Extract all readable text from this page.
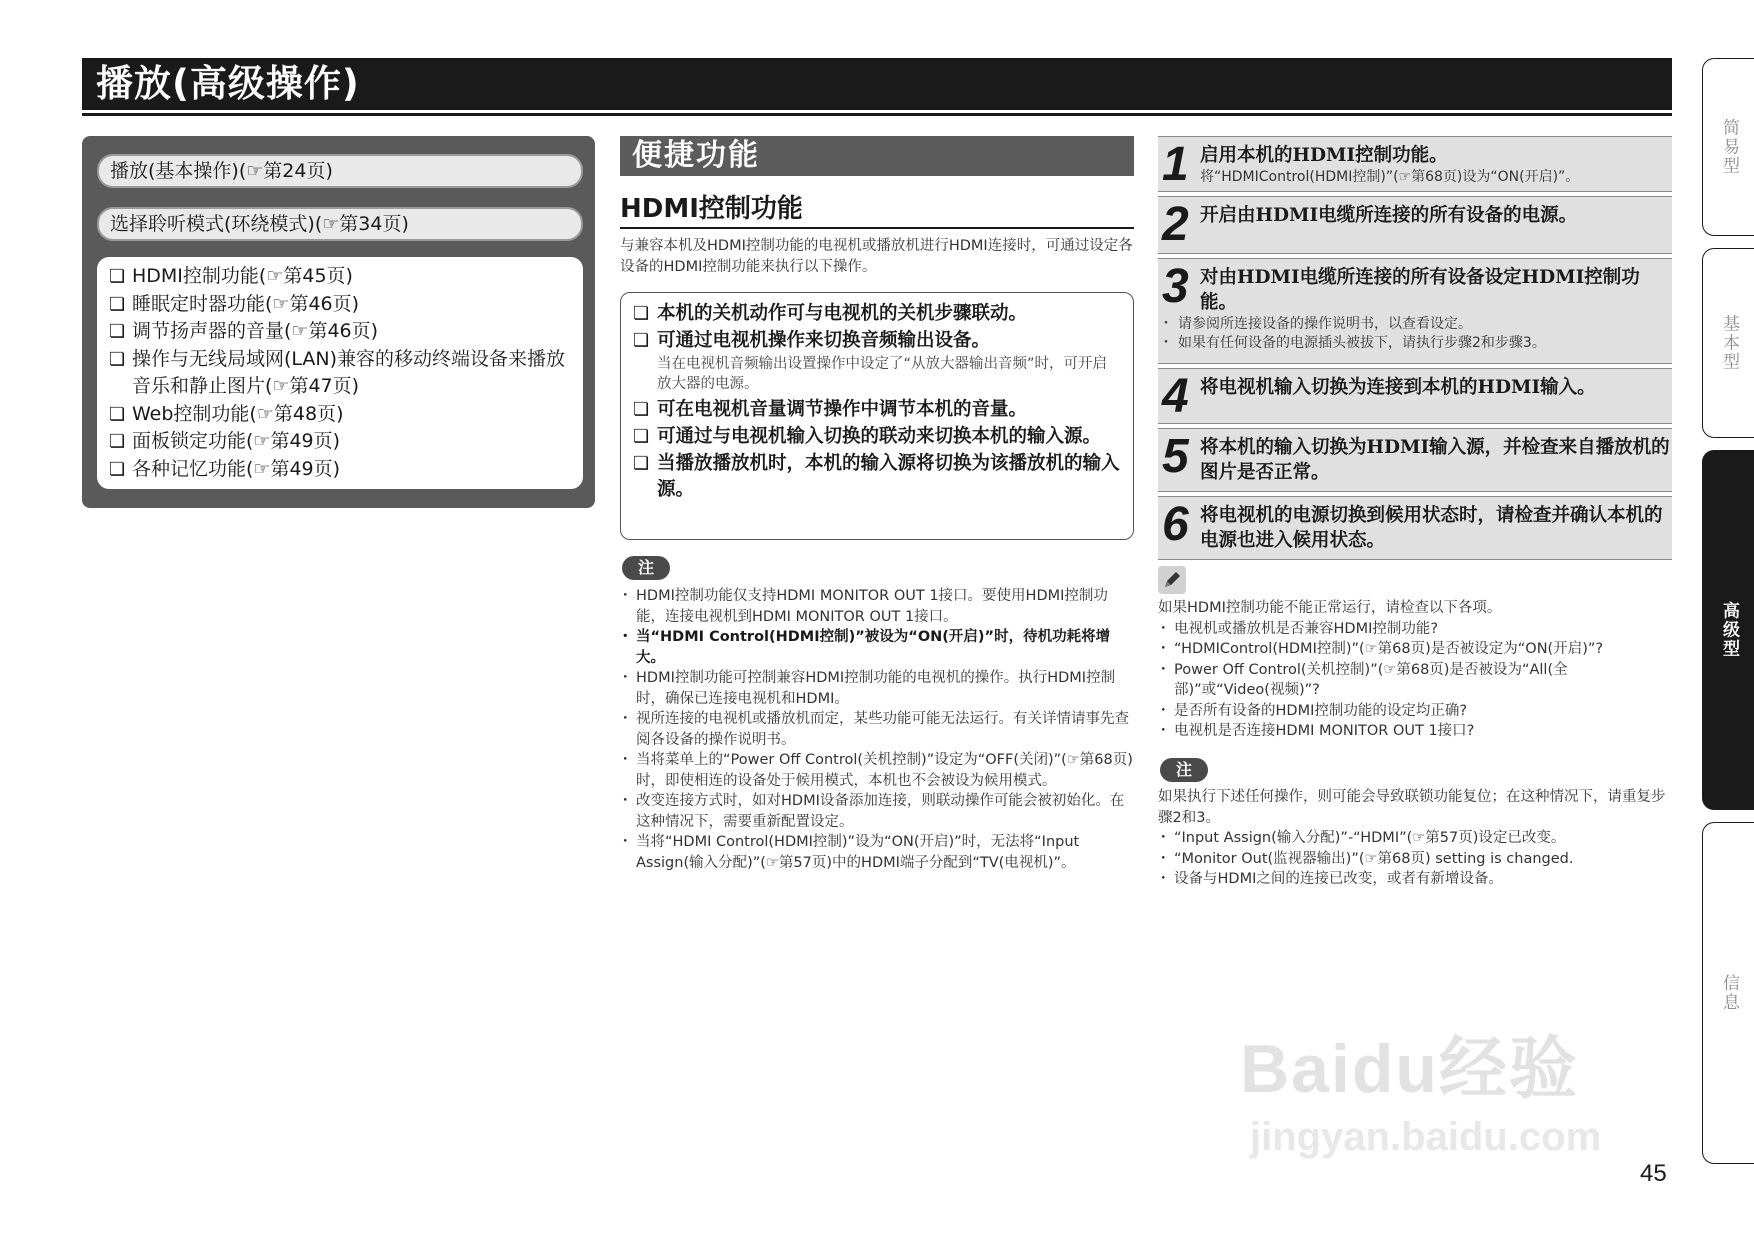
播放(高级操作)
简易型
基本型
高级型
信息
播放(基本操作)(☞第24页)
选择聆听模式(环绕模式)(☞第34页)
❏ HDMI控制功能(☞第45页)
❏ 睡眠定时器功能(☞第46页)
❏ 调节扬声器的音量(☞第46页)
❏ 操作与无线局域网(LAN)兼容的移动终端设备来播放音乐和静止图片(☞第47页)
❏ Web控制功能(☞第48页)
❏ 面板锁定功能(☞第49页)
❏ 各种记忆功能(☞第49页)
便捷功能
HDMI控制功能
与兼容本机及HDMI控制功能的电视机或播放机进行HDMI连接时，可通过设定各设备的HDMI控制功能来执行以下操作。
❏ 本机的关机动作可与电视机的关机步骤联动。
❏ 可通过电视机操作来切换音频输出设备。
当在电视机音频输出设置操作中设定了“从放大器输出音频”时，可开启放大器的电源。
❏ 可在电视机音量调节操作中调节本机的音量。
❏ 可通过与电视机输入切换的联动来切换本机的输入源。
❏ 当播放播放机时，本机的输入源将切换为该播放机的输入源。
注
・ HDMI控制功能仅支持HDMI MONITOR OUT 1接口。要使用HDMI控制功能，连接电视机到HDMI MONITOR OUT 1接口。
・ 当“HDMI Control(HDMI控制)”被设为“ON(开启)”时，待机功耗将增大。
・ HDMI控制功能可控制兼容HDMI控制功能的电视机的操作。执行HDMI控制时，确保已连接电视机和HDMI。
・ 视所连接的电视机或播放机而定，某些功能可能无法运行。有关详情请事先查阅各设备的操作说明书。
・ 当将菜单上的“Power Off Control(关机控制)”设定为“OFF(关闭)”(☞第68页)时，即使相连的设备处于候用模式，本机也不会被设为候用模式。
・ 改变连接方式时，如对HDMI设备添加连接，则联动操作可能会被初始化。在这种情况下，需要重新配置设定。
・ 当将“HDMI Control(HDMI控制)”设为“ON(开启)”时，无法将“Input Assign(输入分配)”(☞第57页)中的HDMI端子分配到“TV(电视机)”。
1 启用本机的HDMI控制功能。
将“HDMIControl(HDMI控制)”(☞第68页)设为“ON(开启)”。
2 开启由HDMI电缆所连接的所有设备的电源。
3 对由HDMI电缆所连接的所有设备设定HDMI控制功能。
・ 请参阅所连接设备的操作说明书，以查看设定。
・ 如果有任何设备的电源插头被拔下，请执行步骤2和步骤3。
4 将电视机输入切换为连接到本机的HDMI输入。
5 将本机的输入切换为HDMI输入源，并检查来自播放机的图片是否正常。
6 将电视机的电源切换到候用状态时，请检查并确认本机的电源也进入候用状态。
如果HDMI控制功能不能正常运行，请检查以下各项。
・ 电视机或播放机是否兼容HDMI控制功能?
・ “HDMIControl(HDMI控制)”(☞第68页)是否被设定为“ON(开启)”?
・ Power Off Control(关机控制)”(☞第68页)是否被设为“All(全部)”或“Video(视频)”?
・ 是否所有设备的HDMI控制功能的设定均正确?
・ 电视机是否连接HDMI MONITOR OUT 1接口?
注
如果执行下述任何操作，则可能会导致联锁功能复位；在这种情况下，请重复步骤2和3。
・ “Input Assign(输入分配)”-“HDMI”(☞第57页)设定已改变。
・ “Monitor Out(监视器输出)”(☞第68页) setting is changed.
・ 设备与HDMI之间的连接已改变，或者有新增设备。
Baidu经验
jingyan.baidu.com
45
